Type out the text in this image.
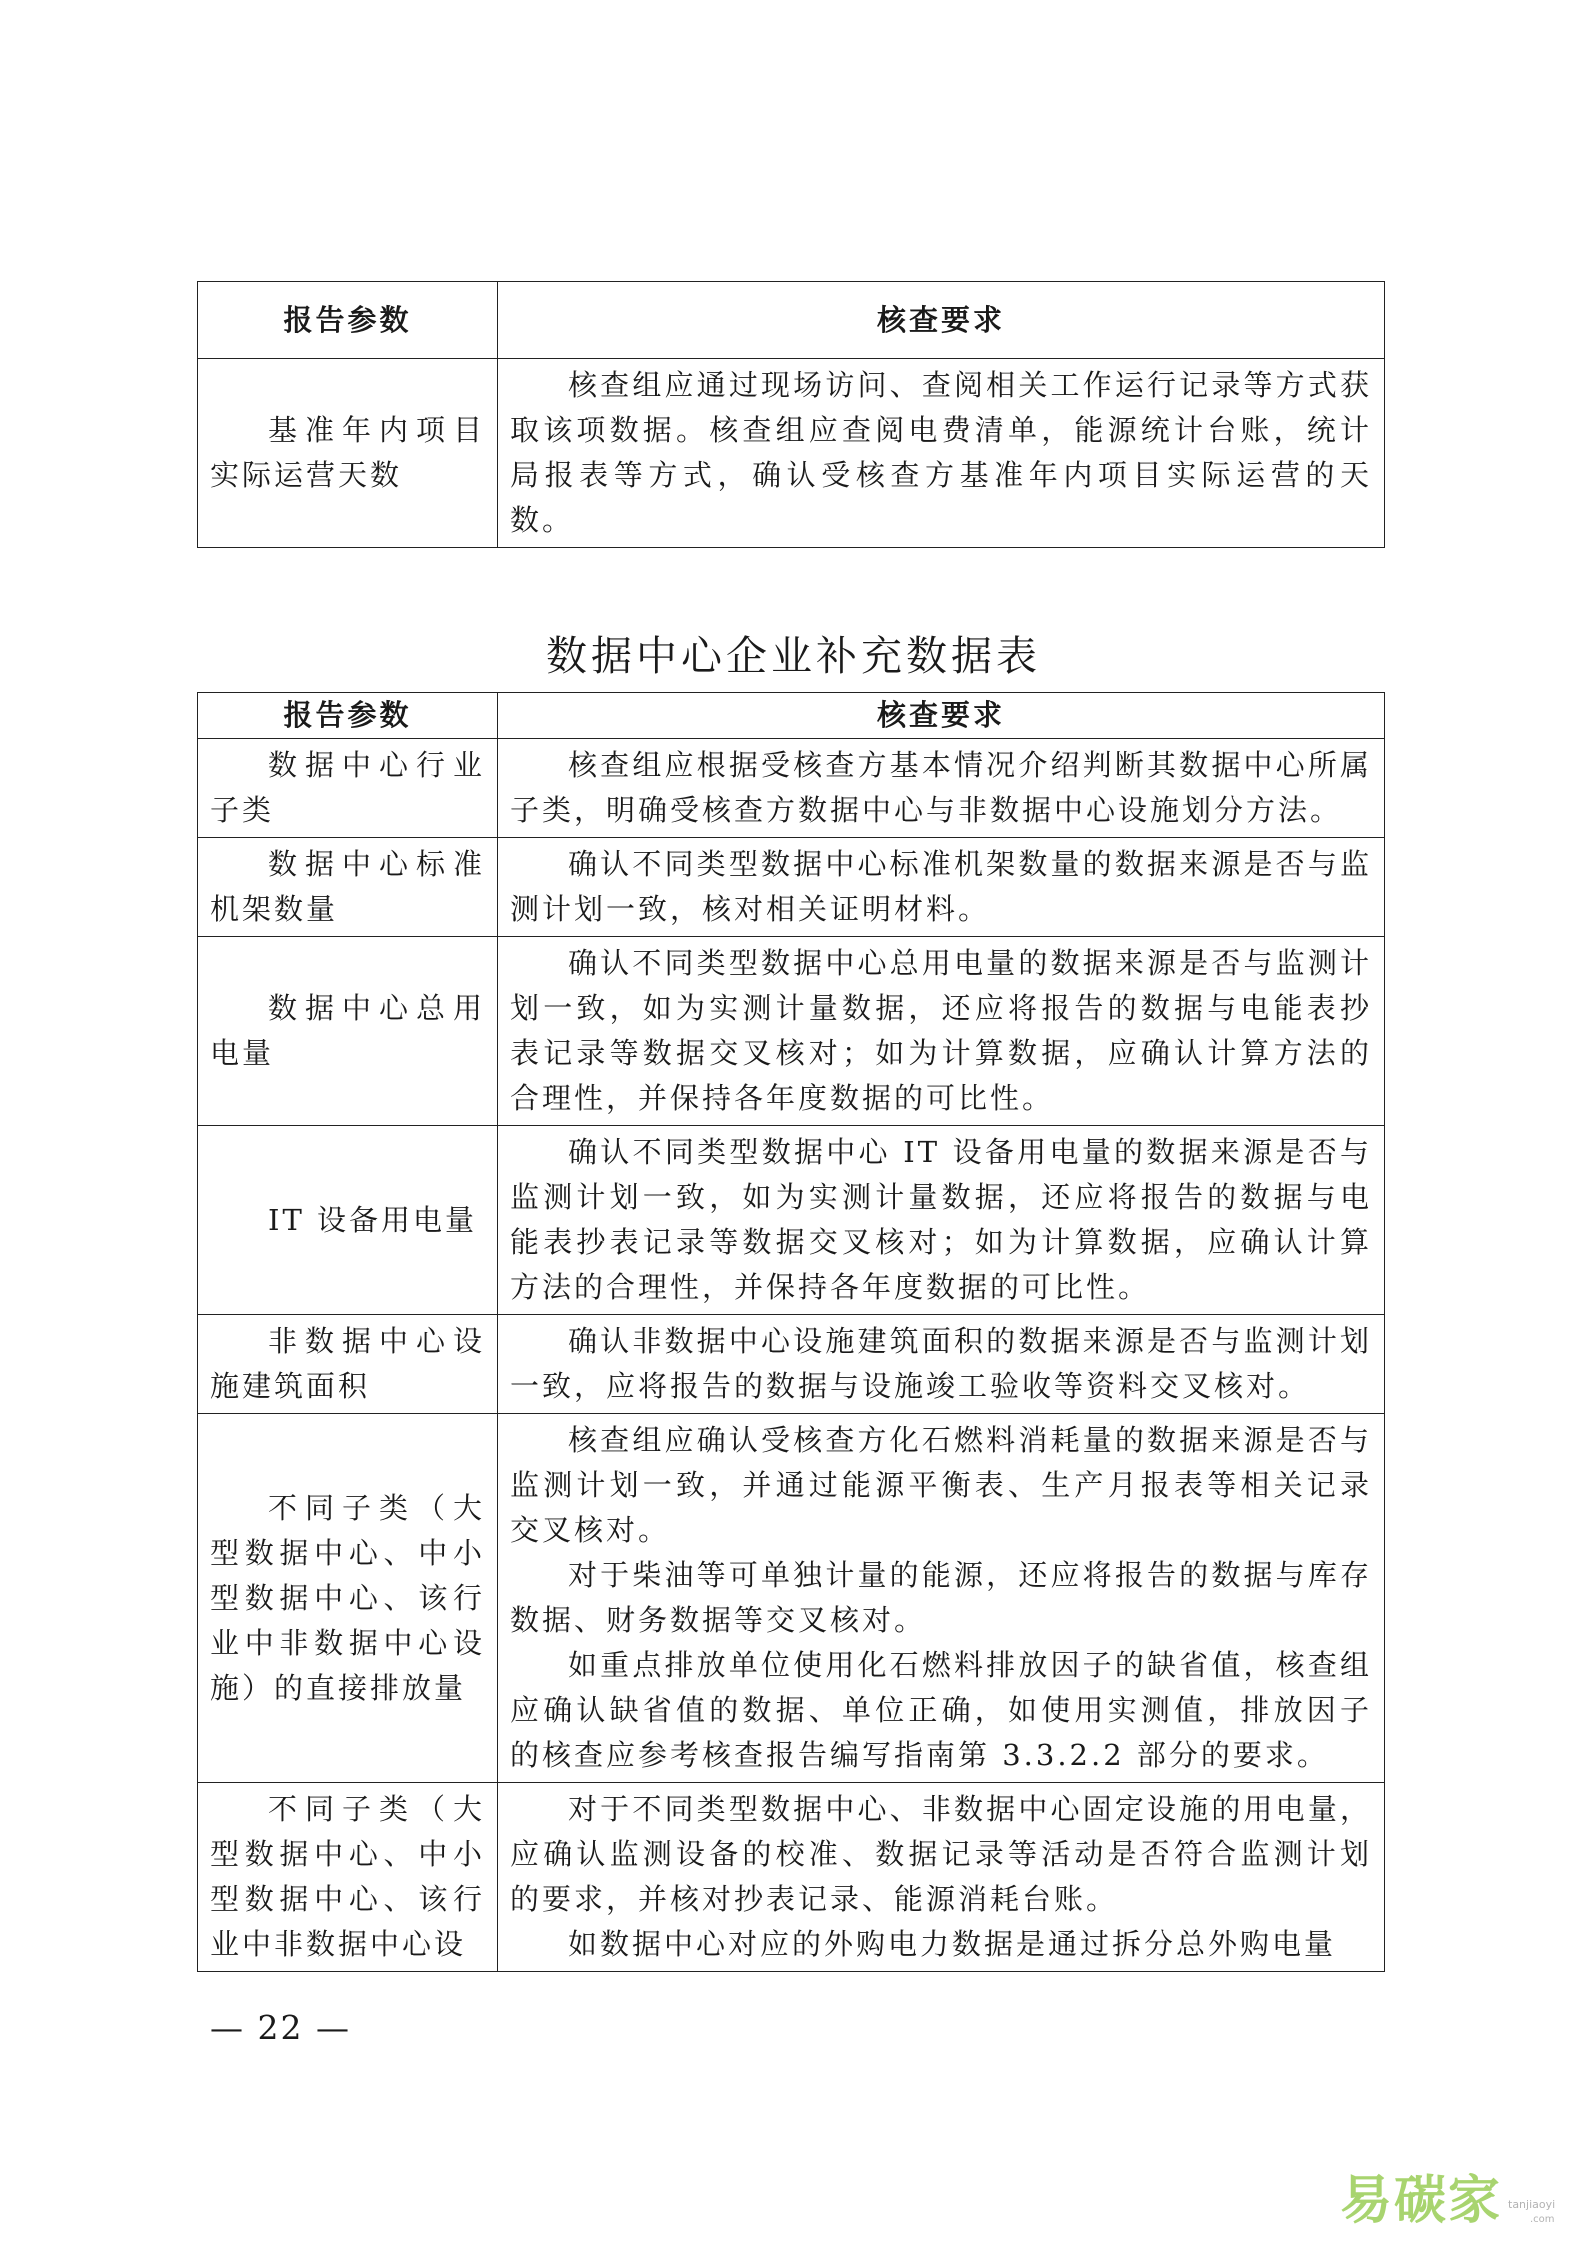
报告参数	核查要求
基准年内项目实际运营天数	核查组应通过现场访问、查阅相关工作运行记录等方式获取该项数据。核查组应查阅电费清单，能源统计台账，统计局报表等方式，确认受核查方基准年内项目实际运营的天数。

数据中心企业补充数据表
报告参数	核查要求
数据中心行业子类	核查组应根据受核查方基本情况介绍判断其数据中心所属子类，明确受核查方数据中心与非数据中心设施划分方法。

数据中心标准机架数量	确认不同类型数据中心标准机架数量的数据来源是否与监测计划一致，核对相关证明材料。

数据中心总用电量	确认不同类型数据中心总用电量的数据来源是否与监测计划一致，如为实测计量数据，还应将报告的数据与电能表抄表记录等数据交叉核对；如为计算数据，应确认计算方法的合理性，并保持各年度数据的可比性。

IT 设备用电量	确认不同类型数据中心 IT 设备用电量的数据来源是否与监测计划一致，如为实测计量数据，还应将报告的数据与电能表抄表记录等数据交叉核对；如为计算数据，应确认计算方法的合理性，并保持各年度数据的可比性。

非数据中心设施建筑面积	确认非数据中心设施建筑面积的数据来源是否与监测计划一致，应将报告的数据与设施竣工验收等资料交叉核对。

不同子类（大型数据中心、中小型数据中心、该行业中非数据中心设施）的直接排放量	核查组应确认受核查方化石燃料消耗量的数据来源是否与监测计划一致，并通过能源平衡表、生产月报表等相关记录交叉核对。

对于柴油等可单独计量的能源，还应将报告的数据与库存数据、财务数据等交叉核对。

如重点排放单位使用化石燃料排放因子的缺省值，核查组应确认缺省值的数据、单位正确，如使用实测值，排放因子的核查应参考核查报告编写指南第 3.3.2.2 部分的要求。

不同子类（大型数据中心、中小型数据中心、该行业中非数据中心设	对于不同类型数据中心、非数据中心固定设施的用电量，应确认监测设备的校准、数据记录等活动是否符合监测计划的要求，并核对抄表记录、能源消耗台账。

如数据中心对应的外购电力数据是通过拆分总外购电量

— 22 —
易碳家 tanjiaoyi
.com
